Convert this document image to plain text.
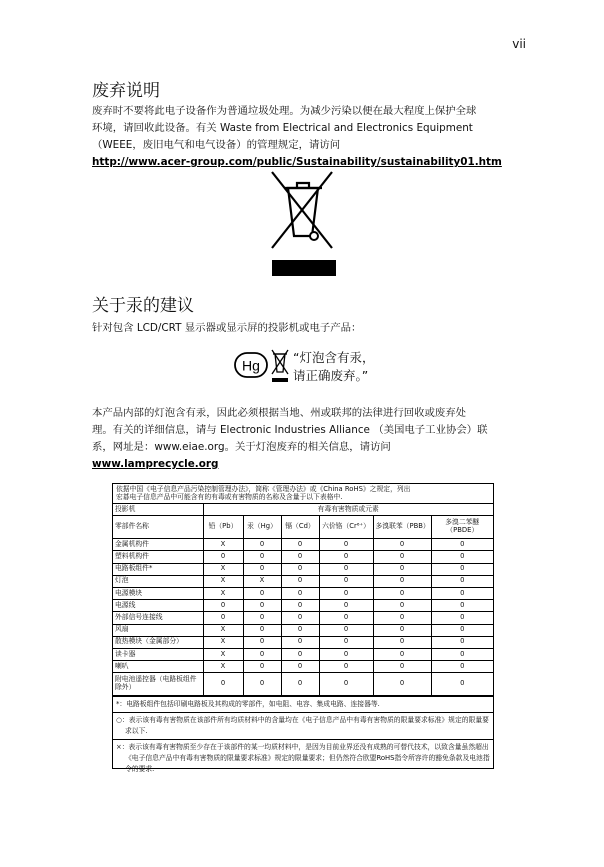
vii
废弃说明
废弃时不要将此电子设备作为普通垃圾处理。为减少污染以便在最大程度上保护全球
环境，请回收此设备。有关 Waste from Electrical and Electronics Equipment
（WEEE，废旧电气和电气设备）的管理规定，请访问
http://www.acer-group.com/public/Sustainability/sustainability01.htm
关于汞的建议
针对包含 LCD/CRT 显示器或显示屏的投影机或电子产品：
Hg	“灯泡含有汞，
请正确废弃。”
本产品内部的灯泡含有汞，因此必须根据当地、州或联邦的法律进行回收或废弃处
理。有关的详细信息，请与 Electronic Industries Alliance （美国电子工业协会）联
系，网址是：www.eiae.org。关于灯泡废弃的相关信息，请访问
www.lamprecycle.org
依据中国《电子信息产品污染控制管理办法》，简称《管理办法》或《China RoHS》之规定，列出
宏碁电子信息产品中可能含有的有毒或有害物质的名称及含量于以下表格中.
投影机	有毒有害物质或元素					
零部件名称	铅（Pb）	汞（Hg）	镉（Cd）	六价铬（Cr⁶⁺）	多溴联苯（PBB）	多溴二苯醚（PBDE）
金属机构件	X	0	0	0	0	0
塑料机构件	0	0	0	0	0	0
电路板组件*	X	0	0	0	0	0
灯泡	X	X	0	0	0	0
电源模块	X	0	0	0	0	0
电源线	0	0	0	0	0	0
外部信号连接线	0	0	0	0	0	0
风扇	X	0	0	0	0	0
散热模块（金属部分）	X	0	0	0	0	0
读卡器	X	0	0	0	0	0
喇叭	X	0	0	0	0	0
附电池遥控器（电路板组件除外）	0	0	0	0	0	0
*：电路板组件包括印刷电路板及其构成的零部件，如电阻、电容、集成电路、连接器等.
○：表示该有毒有害物质在该部件所有均质材料中的含量均在《电子信息产品中有毒有害物质的限量要求标准》规定的限量要求以下.
×：表示该有毒有害物质至少存在于该部件的某一均质材料中，是因为目前业界还没有成熟的可替代技术，以致含量虽然超出《电子信息产品中有毒有害物质的限量要求标准》规定的限量要求；但仍然符合欧盟RoHS指令所容许的豁免条款及电池指令的要求.
